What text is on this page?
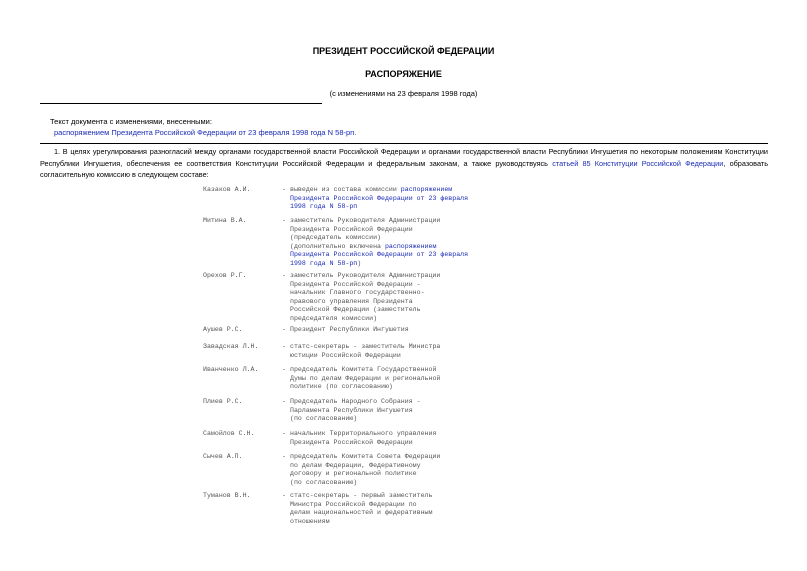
ПРЕЗИДЕНТ РОССИЙСКОЙ ФЕДЕРАЦИИ
РАСПОРЯЖЕНИЕ
(с изменениями на 23 февраля 1998 года)
Текст документа с изменениями, внесенными:
распоряжением Президента Российской Федерации от 23 февраля 1998 года N 58-рп.
1. В целях урегулирования разногласий между органами государственной власти Российской Федерации и органами государственной власти Республики Ингушетия по некоторым положениям Конституции Республики Ингушетия, обеспечения ее соответствия Конституции Российской Федерации и федеральным законам, а также руководствуясь статьей 85 Конституции Российской Федерации, образовать согласительную комиссию в следующем составе:
Казаков А.И.	- выведен из состава комиссии распоряжением
Президента Российской Федерации от 23 февраля
1998 года N 58-рп
Митина В.А.	- заместитель Руководителя Администрации
Президента Российской Федерации
(председатель комиссии)
(дополнительно включена распоряжением
Президента Российской Федерации от 23 февраля
1998 года N 58-рп)
Орехов Р.Г.	- заместитель Руководителя Администрации
Президента Российской Федерации -
начальник Главного государственно-
правового управления Президента
Российской Федерации (заместитель
председателя комиссии)
Аушев Р.С.	- Президент Республики Ингушетия
Завадская Л.Н.	- статс-секретарь - заместитель Министра
юстиции Российской Федерации
Иванченко Л.А.	- председатель Комитета Государственной
Думы по делам Федерации и региональной
политике (по согласованию)
Плиев Р.С.	- Председатель Народного Собрания -
Парламента Республики Ингушетия
(по согласованию)
Самойлов С.Н.	- начальник Территориального управления
Президента Российской Федерации
Сычев А.П.	- председатель Комитета Совета Федерации
по делам Федерации, Федеративному
договору и региональной политике
(по согласованию)
Туманов В.Н.	- статс-секретарь - первый заместитель
Министра Российской Федерации по
делам национальностей и федеративным
отношениям
